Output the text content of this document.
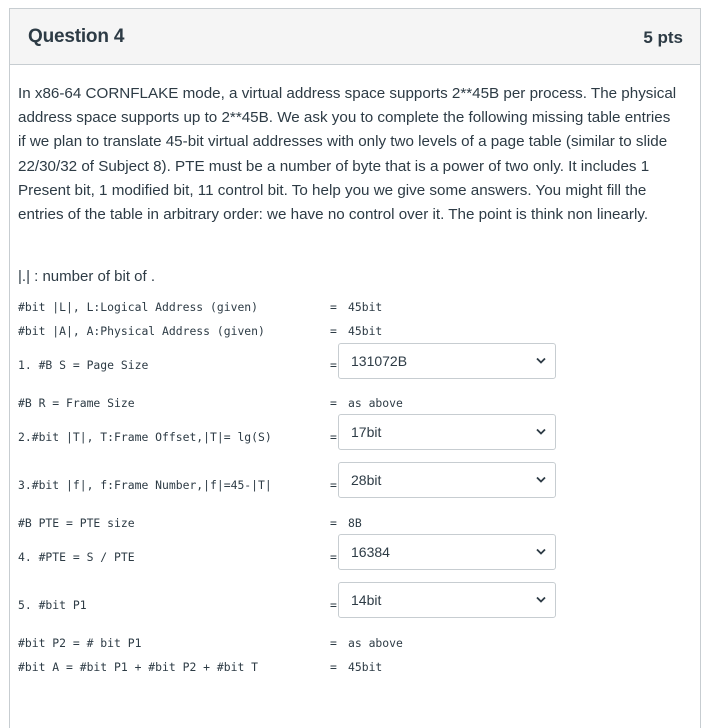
Question 4	5 pts

In x86-64 CORNFLAKE mode, a virtual address space supports 2**45B per process. The physical address space supports up to 2**45B. We ask you to complete the following missing table entries if we plan to translate 45-bit virtual addresses with only two levels of a page table (similar to slide 22/30/32 of Subject 8). PTE must be a number of byte that is a power of two only. It includes 1 Present bit, 1 modified bit, 11 control bit. To help you we give some answers. You might fill the entries of the table in arbitrary order: we have no control over it. The point is think non linearly.

|.| : number of bit of .
#bit |L|, L:Logical Address (given)	= 45bit
#bit |A|, A:Physical Address (given)	= 45bit
1. #B S = Page Size	= 131072B
#B R = Frame Size	= as above
2.#bit |T|, T:Frame Offset,|T|= lg(S)	= 17bit
3.#bit |f|, f:Frame Number,|f|=45-|T|	= 28bit
#B PTE = PTE size	= 8B
4. #PTE = S / PTE	= 16384
5. #bit P1	= 14bit
#bit P2 = # bit P1	= as above
#bit A = #bit P1 + #bit P2 + #bit T	= 45bit
